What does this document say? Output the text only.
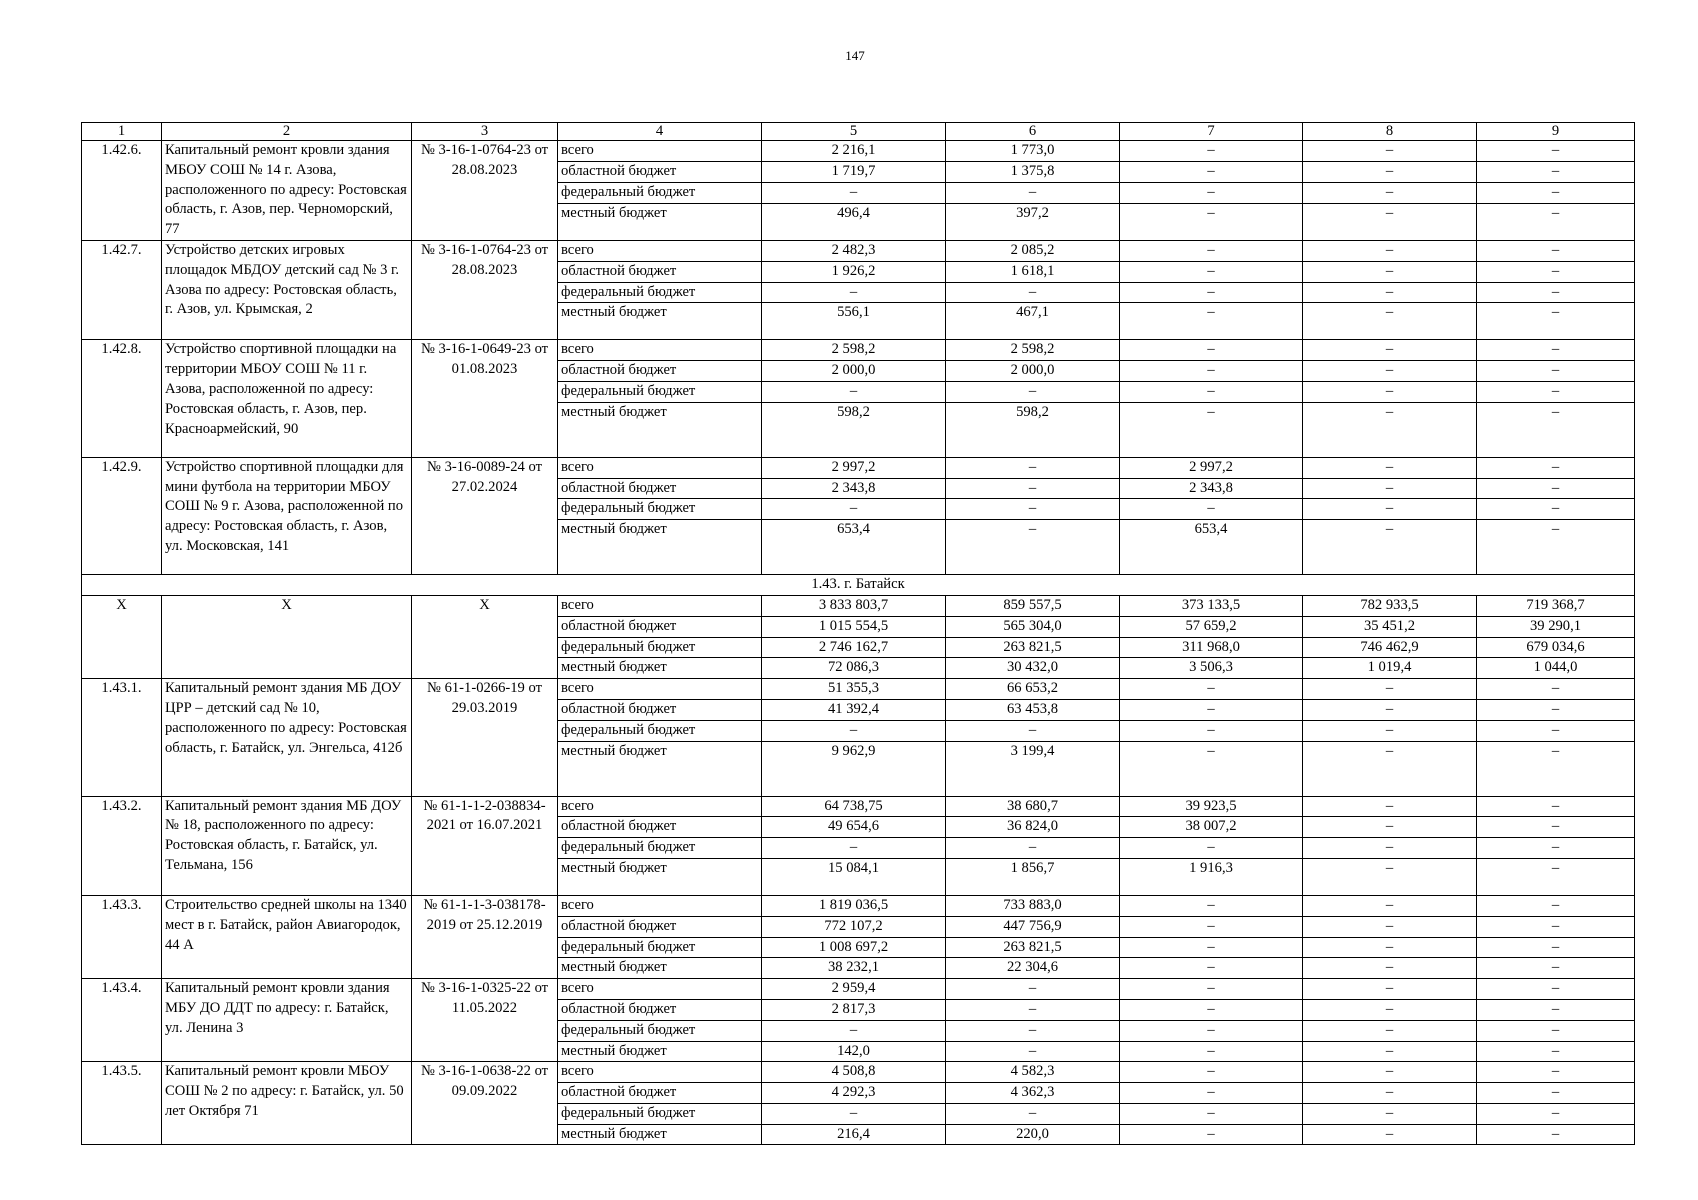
147
1	2	3	4	5	6	7	8	9
1.42.6.	Капитальный ремонт кровли здания МБОУ СОШ № 14 г. Азова, расположенного по адресу: Ростовская область, г. Азов, пер. Черноморский, 77	№ 3-16-1-0764-23 от 28.08.2023	всего	2 216,1	1 773,0	–	–	–
			областной бюджет	1 719,7	1 375,8	–	–	–
			федеральный бюджет	–	–	–	–	–
			местный бюджет	496,4	397,2	–	–	–
1.42.7.	Устройство детских игровых площадок МБДОУ детский сад № 3 г. Азова по адресу: Ростовская область, г. Азов, ул. Крымская, 2	№ 3-16-1-0764-23 от 28.08.2023	всего	2 482,3	2 085,2	–	–	–
			областной бюджет	1 926,2	1 618,1	–	–	–
			федеральный бюджет	–	–	–	–	–
			местный бюджет	556,1	467,1	–	–	–
1.42.8.	Устройство спортивной площадки на территории МБОУ СОШ № 11 г. Азова, расположенной по адресу: Ростовская область, г. Азов, пер. Красноармейский, 90	№ 3-16-1-0649-23 от 01.08.2023	всего	2 598,2	2 598,2	–	–	–
			областной бюджет	2 000,0	2 000,0	–	–	–
			федеральный бюджет	–	–	–	–	–
			местный бюджет	598,2	598,2	–	–	–
1.42.9.	Устройство спортивной площадки для мини футбола на территории МБОУ СОШ № 9 г. Азова, расположенной по адресу: Ростовская область, г. Азов, ул. Московская, 141	№ 3-16-0089-24 от 27.02.2024	всего	2 997,2	–	2 997,2	–	–
			областной бюджет	2 343,8	–	2 343,8	–	–
			федеральный бюджет	–	–	–	–	–
			местный бюджет	653,4	–	653,4	–	–
1.43. г. Батайск								
Х	Х	Х	всего	3 833 803,7	859 557,5	373 133,5	782 933,5	719 368,7
			областной бюджет	1 015 554,5	565 304,0	57 659,2	35 451,2	39 290,1
			федеральный бюджет	2 746 162,7	263 821,5	311 968,0	746 462,9	679 034,6
			местный бюджет	72 086,3	30 432,0	3 506,3	1 019,4	1 044,0
1.43.1.	Капитальный ремонт здания МБ ДОУ ЦРР – детский сад № 10, расположенного по адресу: Ростовская область, г. Батайск, ул. Энгельса, 412б	№ 61-1-0266-19 от 29.03.2019	всего	51 355,3	66 653,2	–	–	–
			областной бюджет	41 392,4	63 453,8	–	–	–
			федеральный бюджет	–	–	–	–	–
			местный бюджет	9 962,9	3 199,4	–	–	–
1.43.2.	Капитальный ремонт здания МБ ДОУ № 18, расположенного по адресу: Ростовская область, г. Батайск, ул. Тельмана, 156	№ 61-1-1-2-038834-2021 от 16.07.2021	всего	64 738,75	38 680,7	39 923,5	–	–
			областной бюджет	49 654,6	36 824,0	38 007,2	–	–
			федеральный бюджет	–	–	–	–	–
			местный бюджет	15 084,1	1 856,7	1 916,3	–	–
1.43.3.	Строительство средней школы на 1340 мест в г. Батайск, район Авиагородок, 44 А	№ 61-1-1-3-038178-2019 от 25.12.2019	всего	1 819 036,5	733 883,0	–	–	–
			областной бюджет	772 107,2	447 756,9	–	–	–
			федеральный бюджет	1 008 697,2	263 821,5	–	–	–
			местный бюджет	38 232,1	22 304,6	–	–	–
1.43.4.	Капитальный ремонт кровли здания МБУ ДО ДДТ по адресу: г. Батайск, ул. Ленина 3	№ 3-16-1-0325-22 от 11.05.2022	всего	2 959,4	–	–	–	–
			областной бюджет	2 817,3	–	–	–	–
			федеральный бюджет	–	–	–	–	–
			местный бюджет	142,0	–	–	–	–
1.43.5.	Капитальный ремонт кровли МБОУ СОШ № 2 по адресу: г. Батайск, ул. 50 лет Октября 71	№ 3-16-1-0638-22 от 09.09.2022	всего	4 508,8	4 582,3	–	–	–
			областной бюджет	4 292,3	4 362,3	–	–	–
			федеральный бюджет	–	–	–	–	–
			местный бюджет	216,4	220,0	–	–	–
